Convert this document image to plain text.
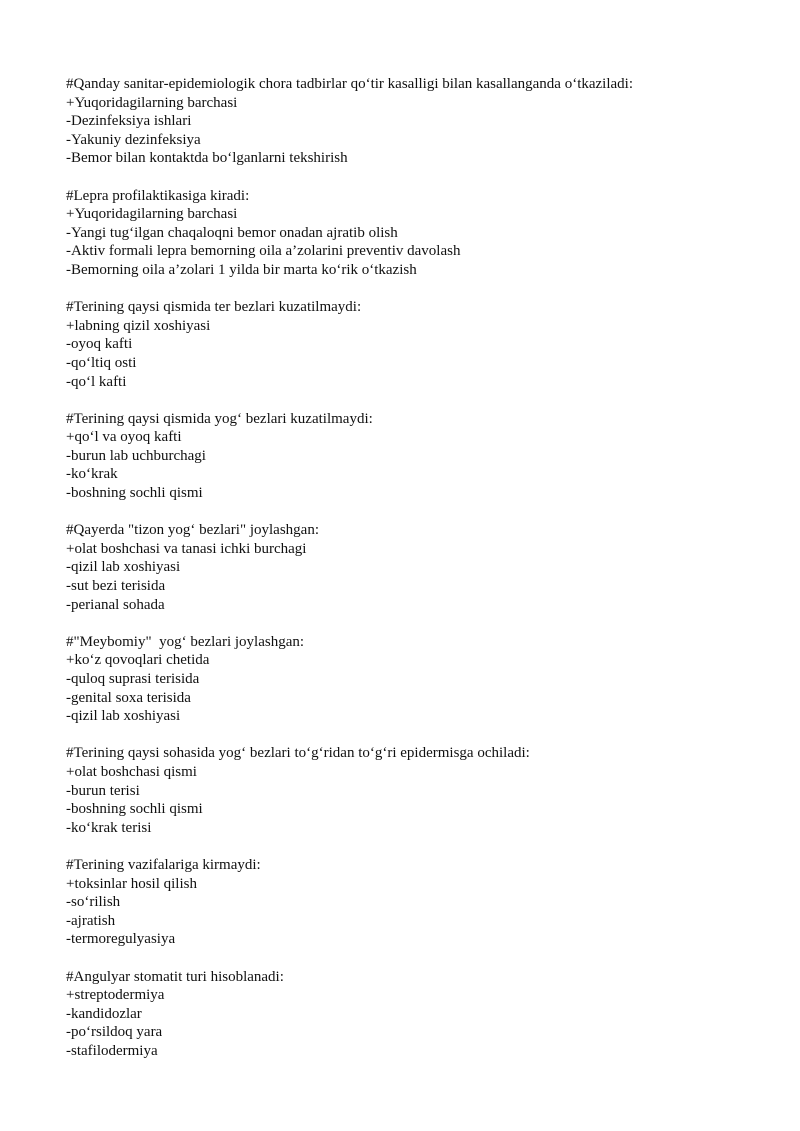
#Qanday sanitar-epidemiologik chora tadbirlar qo‘tir kasalligi bilan kasallanganda o‘tkaziladi:
+Yuqoridagilarning barchasi
-Dezinfeksiya ishlari
-Yakuniy dezinfeksiya
-Bemor bilan kontaktda bo‘lganlarni tekshirish
#Lepra profilaktikasiga kiradi:
+Yuqoridagilarning barchasi
-Yangi tug‘ilgan chaqaloqni bemor onadan ajratib olish
-Aktiv formali lepra bemorning oila a’zolarini preventiv davolash
-Bemorning oila a’zolari 1 yilda bir marta ko‘rik o‘tkazish
#Terining qaysi qismida ter bezlari kuzatilmaydi:
+labning qizil xoshiyasi
-oyoq kafti
-qo‘ltiq osti
-qo‘l kafti
#Terining qaysi qismida yog‘ bezlari kuzatilmaydi:
+qo‘l va oyoq kafti
-burun lab uchburchagi
-ko‘krak
-boshning sochli qismi
#Qayerda "tizon yog‘ bezlari" joylashgan:
+olat boshchasi va tanasi ichki burchagi
-qizil lab xoshiyasi
-sut bezi terisida
-perianal sohada
#"Meybomiy"  yog‘ bezlari joylashgan:
+ko‘z qovoqlari chetida
-quloq suprasi terisida
-genital soxa terisida
-qizil lab xoshiyasi
#Terining qaysi sohasida yog‘ bezlari to‘g‘ridan to‘g‘ri epidermisga ochiladi:
+olat boshchasi qismi
-burun terisi
-boshning sochli qismi
-ko‘krak terisi
#Terining vazifalariga kirmaydi:
+toksinlar hosil qilish
-so‘rilish
-ajratish
-termoregulyasiya
#Angulyar stomatit turi hisoblanadi:
+streptodermiya
-kandidozlar
-po‘rsildoq yara
-stafilodermiya
